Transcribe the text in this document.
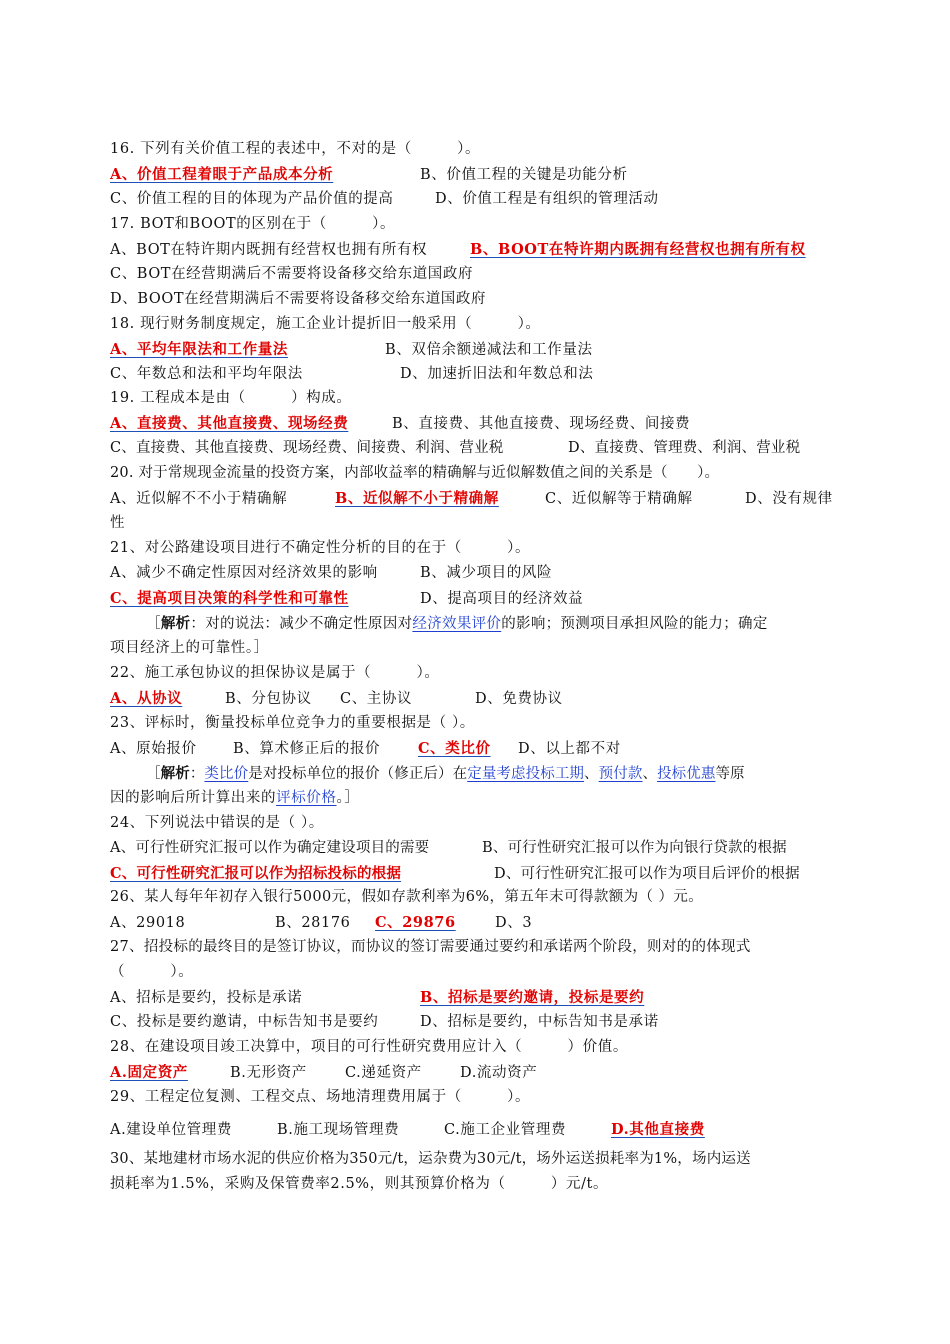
16. 下列有关价值工程的表述中，不对的是（　　　）。
A、价值工程着眼于产品成本分析	B、价值工程的关键是功能分析
C、价值工程的目的体现为产品价值的提高	D、价值工程是有组织的管理活动
17. BOT和BOOT的区别在于（　　　）。
A、BOT在特许期内既拥有经营权也拥有所有权	B、BOOT在特许期内既拥有经营权也拥有所有权
C、BOT在经营期满后不需要将设备移交给东道国政府
D、BOOT在经营期满后不需要将设备移交给东道国政府
18. 现行财务制度规定，施工企业计提折旧一般采用（　　　）。
A、平均年限法和工作量法	B、双倍余额递减法和工作量法
C、年数总和法和平均年限法	D、加速折旧法和年数总和法
19. 工程成本是由（　　　）构成。
A、直接费、其他直接费、现场经费	B、直接费、其他直接费、现场经费、间接费
C、直接费、其他直接费、现场经费、间接费、利润、营业税	D、直接费、管理费、利润、营业税
20. 对于常规现金流量的投资方案，内部收益率的精确解与近似解数值之间的关系是（　　）。
A、近似解不不小于精确解	B、近似解不小于精确解	C、近似解等于精确解	D、没有规律
性
21、对公路建设项目进行不确定性分析的目的在于（　　　）。
A、减少不确定性原因对经济效果的影响	B、减少项目的风险
C、提高项目决策的科学性和可靠性	D、提高项目的经济效益
［解析：对的说法：减少不确定性原因对经济效果评价的影响；预测项目承担风险的能力；确定
项目经济上的可靠性。］
22、施工承包协议的担保协议是属于（　　　）。
A、从协议	B、分包协议 C、主协议	D、免费协议
23、评标时，衡量投标单位竞争力的重要根据是（ ）。
A、原始报价	B、算术修正后的报价	C、类比价 D、以上都不对
［解析：类比价是对投标单位的报价（修正后）在定量考虑投标工期、预付款、投标优惠等原
因的影响后所计算出来的评标价格。］
24、下列说法中错误的是（ ）。
A、可行性研究汇报可以作为确定建设项目的需要	B、可行性研究汇报可以作为向银行贷款的根据
C、可行性研究汇报可以作为招标投标的根据	D、可行性研究汇报可以作为项目后评价的根据
26、某人每年年初存入银行5000元，假如存款利率为6%，第五年末可得款额为（ ）元。
A、29018	B、28176 C、29876	D、3
27、招投标的最终目的是签订协议，而协议的签订需要通过要约和承诺两个阶段，则对的的体现式
（　　　）。
A、招标是要约，投标是承诺	B、招标是要约邀请，投标是要约
C、投标是要约邀请，中标告知书是要约	D、招标是要约，中标告知书是承诺
28、在建设项目竣工决算中，项目的可行性研究费用应计入（　　　）价值。
A.固定资产	B.无形资产	C.递延资产	D.流动资产
29、工程定位复测、工程交点、场地清理费用属于（　　　）。
A.建设单位管理费	B.施工现场管理费	C.施工企业管理费	D.其他直接费
30、某地建材市场水泥的供应价格为350元/t，运杂费为30元/t，场外运送损耗率为1%，场内运送
损耗率为1.5%，采购及保管费率2.5%，则其预算价格为（　　　）元/t。
